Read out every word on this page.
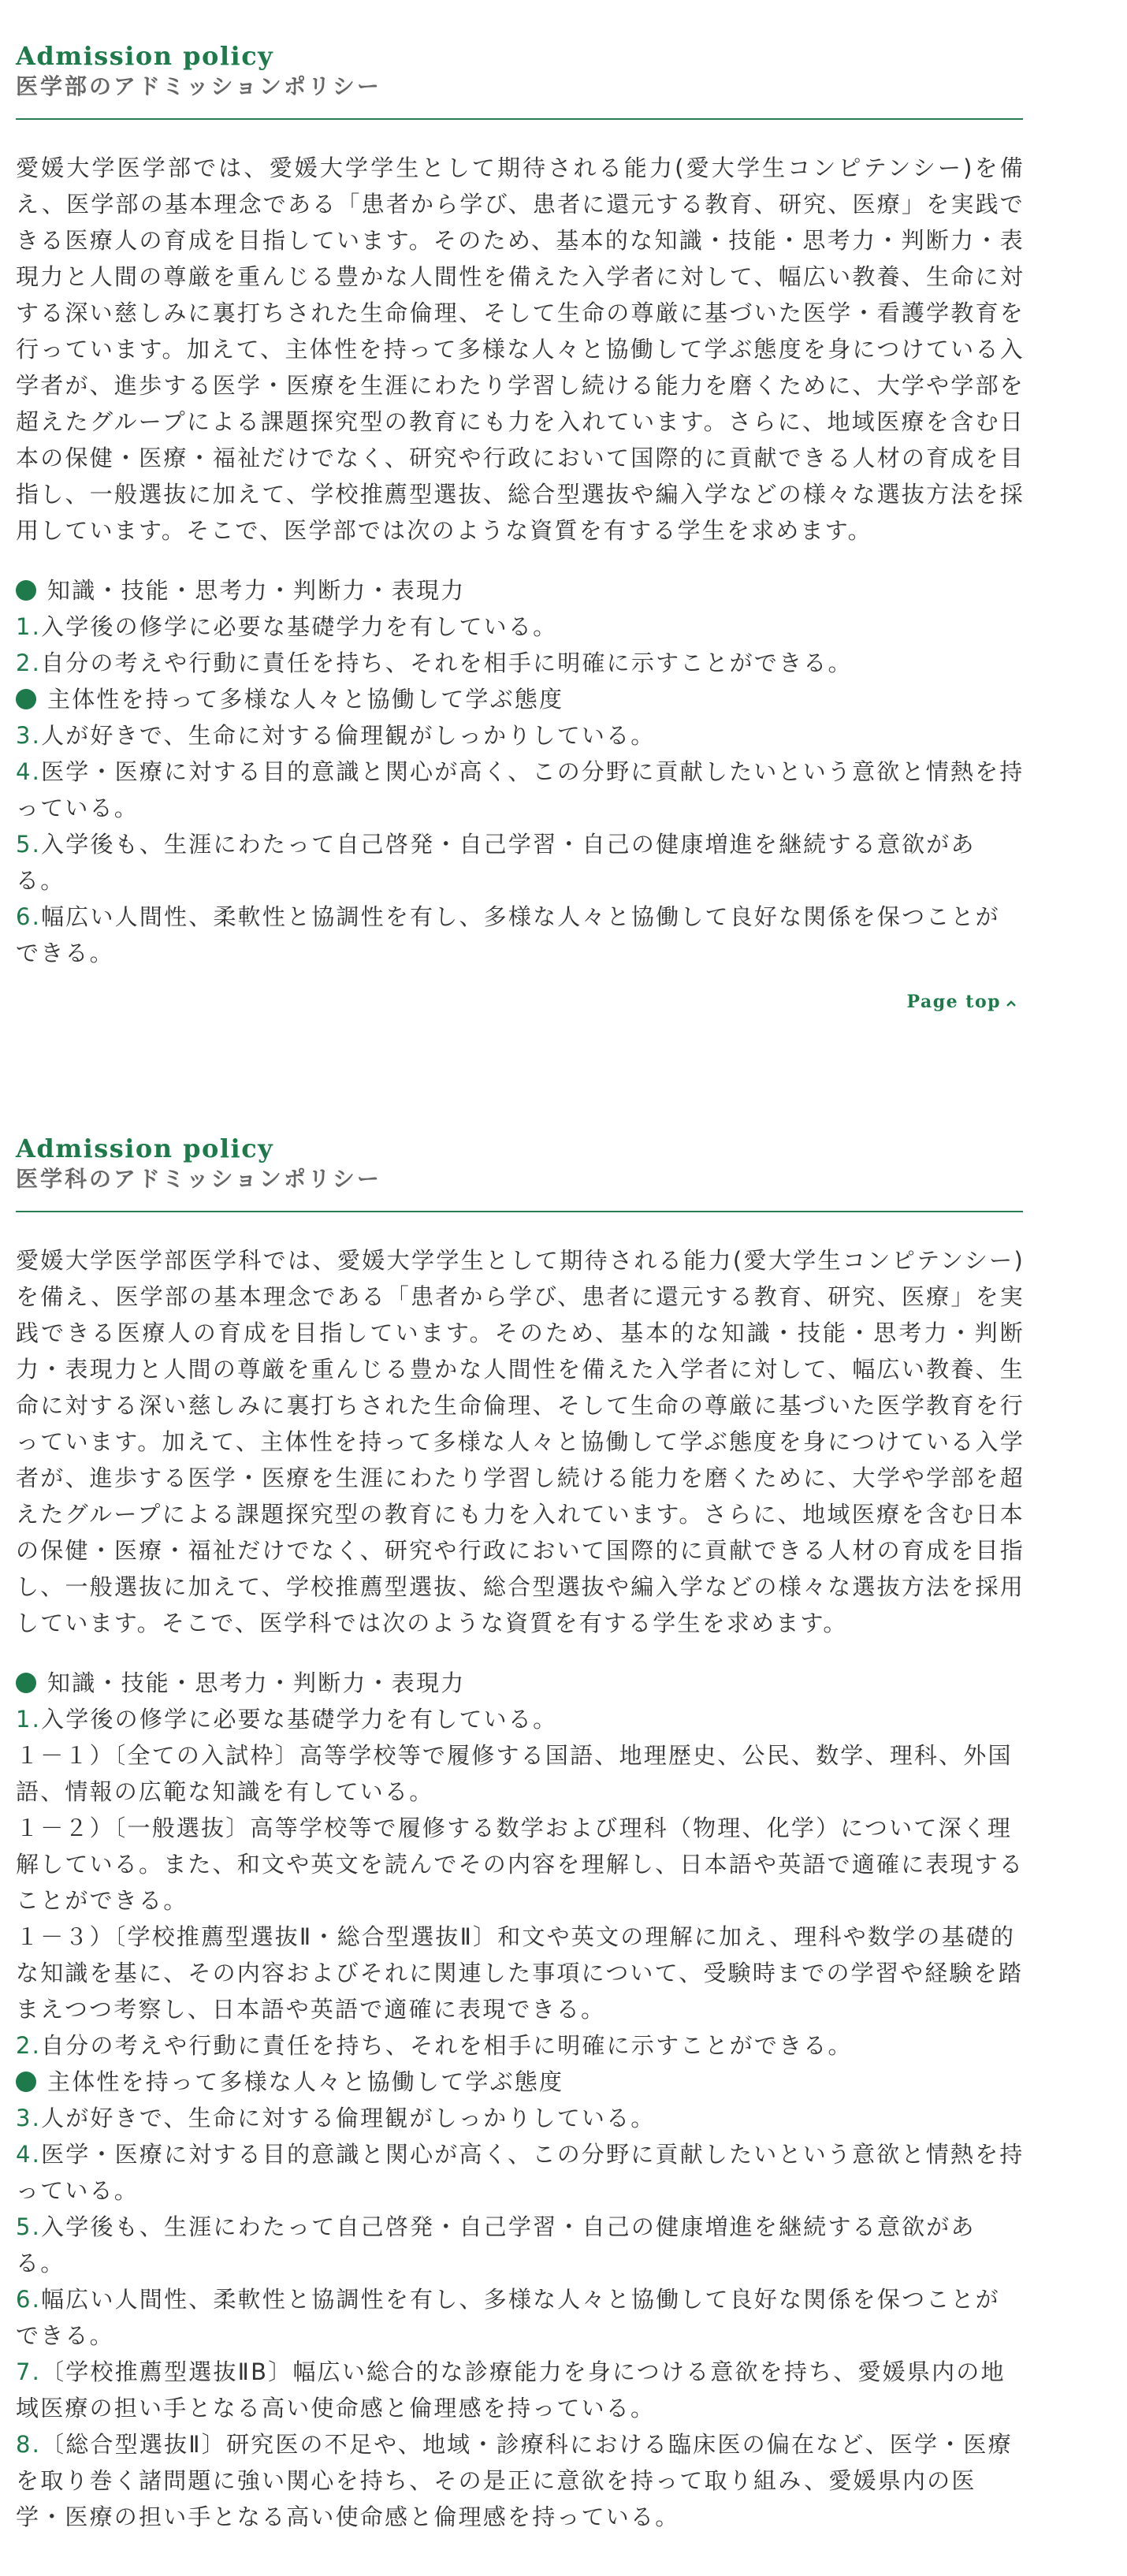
Admission policy
医学部のアドミッションポリシー

愛媛大学医学部では、愛媛大学学生として期待される能力(愛大学生コンピテンシー)を備え、医学部の基本理念である「患者から学び、患者に還元する教育、研究、医療」を実践できる医療人の育成を目指しています。そのため、基本的な知識・技能・思考力・判断力・表現力と人間の尊厳を重んじる豊かな人間性を備えた入学者に対して、幅広い教養、生命に対する深い慈しみに裏打ちされた生命倫理、そして生命の尊厳に基づいた医学・看護学教育を行っています。加えて、主体性を持って多様な人々と協働して学ぶ態度を身につけている入学者が、進歩する医学・医療を生涯にわたり学習し続ける能力を磨くために、大学や学部を超えたグループによる課題探究型の教育にも力を入れています。さらに、地域医療を含む日本の保健・医療・福祉だけでなく、研究や行政において国際的に貢献できる人材の育成を目指し、一般選抜に加えて、学校推薦型選抜、総合型選抜や編入学などの様々な選抜方法を採用しています。そこで、医学部では次のような資質を有する学生を求めます。

知識・技能・思考力・判断力・表現力

1.入学後の修学に必要な基礎学力を有している。

2.自分の考えや行動に責任を持ち、それを相手に明確に示すことができる。

主体性を持って多様な人々と協働して学ぶ態度

3.人が好きで、生命に対する倫理観がしっかりしている。

4.医学・医療に対する目的意識と関心が高く、この分野に貢献したいという意欲と情熱を持っている。

5.入学後も、生涯にわたって自己啓発・自己学習・自己の健康増進を継続する意欲がある。

6.幅広い人間性、柔軟性と協調性を有し、多様な人々と協働して良好な関係を保つことができる。

Page top
Admission policy
医学科のアドミッションポリシー

愛媛大学医学部医学科では、愛媛大学学生として期待される能力(愛大学生コンピテンシー)を備え、医学部の基本理念である「患者から学び、患者に還元する教育、研究、医療」を実践できる医療人の育成を目指しています。そのため、基本的な知識・技能・思考力・判断力・表現力と人間の尊厳を重んじる豊かな人間性を備えた入学者に対して、幅広い教養、生命に対する深い慈しみに裏打ちされた生命倫理、そして生命の尊厳に基づいた医学教育を行っています。加えて、主体性を持って多様な人々と協働して学ぶ態度を身につけている入学者が、進歩する医学・医療を生涯にわたり学習し続ける能力を磨くために、大学や学部を超えたグループによる課題探究型の教育にも力を入れています。さらに、地域医療を含む日本の保健・医療・福祉だけでなく、研究や行政において国際的に貢献できる人材の育成を目指し、一般選抜に加えて、学校推薦型選抜、総合型選抜や編入学などの様々な選抜方法を採用しています。そこで、医学科では次のような資質を有する学生を求めます。

知識・技能・思考力・判断力・表現力

1.入学後の修学に必要な基礎学力を有している。

１－１）〔全ての入試枠〕高等学校等で履修する国語、地理歴史、公民、数学、理科、外国語、情報の広範な知識を有している。

１－２）〔一般選抜〕高等学校等で履修する数学および理科（物理、化学）について深く理解している。また、和文や英文を読んでその内容を理解し、日本語や英語で適確に表現することができる。

１－３）〔学校推薦型選抜Ⅱ・総合型選抜Ⅱ〕和文や英文の理解に加え、理科や数学の基礎的な知識を基に、その内容およびそれに関連した事項について、受験時までの学習や経験を踏まえつつ考察し、日本語や英語で適確に表現できる。

2.自分の考えや行動に責任を持ち、それを相手に明確に示すことができる。

主体性を持って多様な人々と協働して学ぶ態度

3.人が好きで、生命に対する倫理観がしっかりしている。

4.医学・医療に対する目的意識と関心が高く、この分野に貢献したいという意欲と情熱を持っている。

5.入学後も、生涯にわたって自己啓発・自己学習・自己の健康増進を継続する意欲がある。

6.幅広い人間性、柔軟性と協調性を有し、多様な人々と協働して良好な関係を保つことができる。

7.〔学校推薦型選抜ⅡB〕幅広い総合的な診療能力を身につける意欲を持ち、愛媛県内の地域医療の担い手となる高い使命感と倫理感を持っている。

8.〔総合型選抜Ⅱ〕研究医の不足や、地域・診療科における臨床医の偏在など、医学・医療を取り巻く諸問題に強い関心を持ち、その是正に意欲を持って取り組み、愛媛県内の医学・医療の担い手となる高い使命感と倫理感を持っている。
